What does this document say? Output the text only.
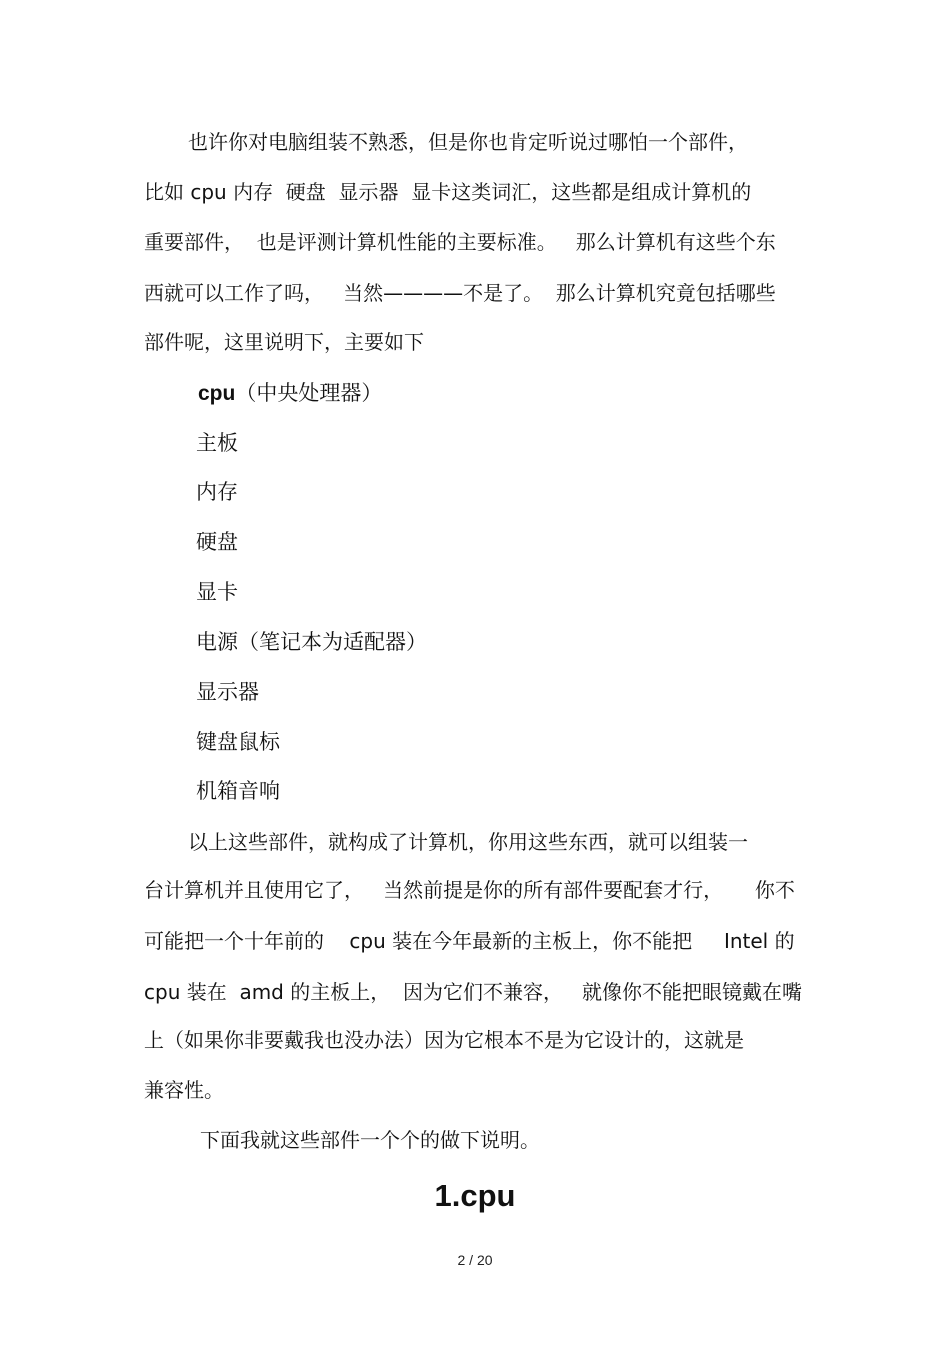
也许你对电脑组装不熟悉，但是你也肯定听说过哪怕一个部件，
比如 cpu 内存  硬盘  显示器  显卡这类词汇，这些都是组成计算机的
重要部件，  也是评测计算机性能的主要标准。   那么计算机有这些个东
西就可以工作了吗，   当然————不是了。  那么计算机究竟包括哪些
部件呢，这里说明下，主要如下
cpu（中央处理器）
主板
内存
硬盘
显卡
电源（笔记本为适配器）
显示器
键盘鼠标
机箱音响
以上这些部件，就构成了计算机，你用这些东西，就可以组装一
台计算机并且使用它了，   当然前提是你的所有部件要配套才行，     你不
可能把一个十年前的    cpu 装在今年最新的主板上，你不能把     Intel 的
cpu 装在  amd 的主板上，  因为它们不兼容，   就像你不能把眼镜戴在嘴
上（如果你非要戴我也没办法）因为它根本不是为它设计的，这就是
兼容性。
下面我就这些部件一个个的做下说明。
1.cpu
2 / 20
